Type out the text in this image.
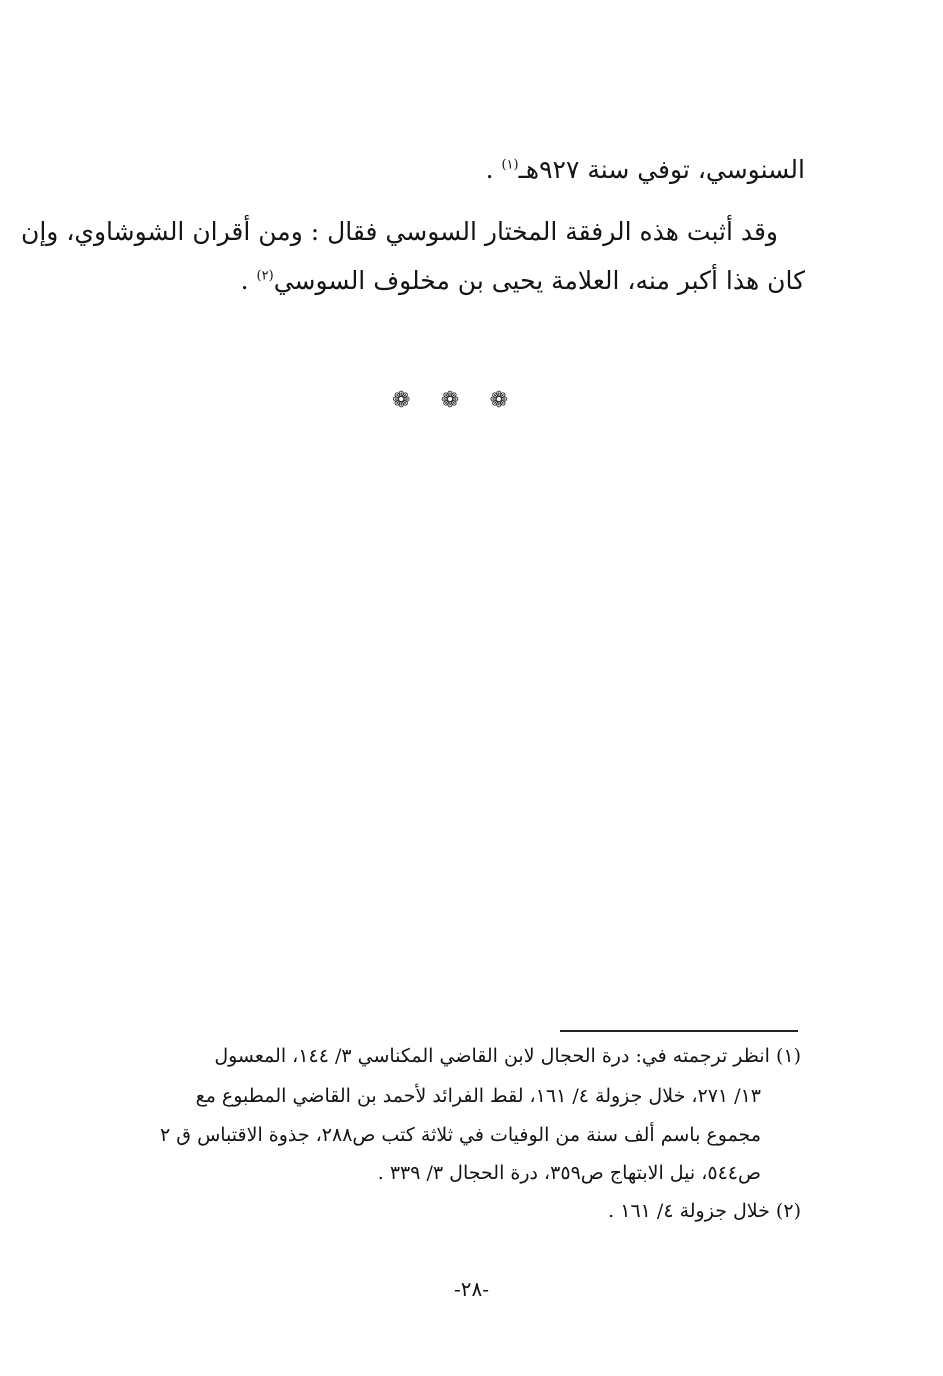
السنوسي، توفي سنة ٩٢٧هـ$^{(١)}$ .
وقد أثبت هذه الرفقة المختار السوسي فقال : ومن أقران الشوشاوي، وإن
كان هذا أكبر منه، العلامة يحيى بن مخلوف السوسي$^{(٢)}$ .
❁ ❁ ❁
(١) انظر ترجمته في: درة الحجال لابن القاضي المكناسي ٣/ ١٤٤، المعسول
١٣/ ٢٧١، خلال جزولة ٤/ ١٦١، لقط الفرائد لأحمد بن القاضي المطبوع مع
مجموع باسم ألف سنة من الوفيات في ثلاثة كتب ص٢٨٨، جذوة الاقتباس ق ٢
ص٥٤٤، نيل الابتهاج ص٣٥٩، درة الحجال ٣/ ٣٣٩ .
(٢) خلال جزولة ٤/ ١٦١ .
-٢٨-
